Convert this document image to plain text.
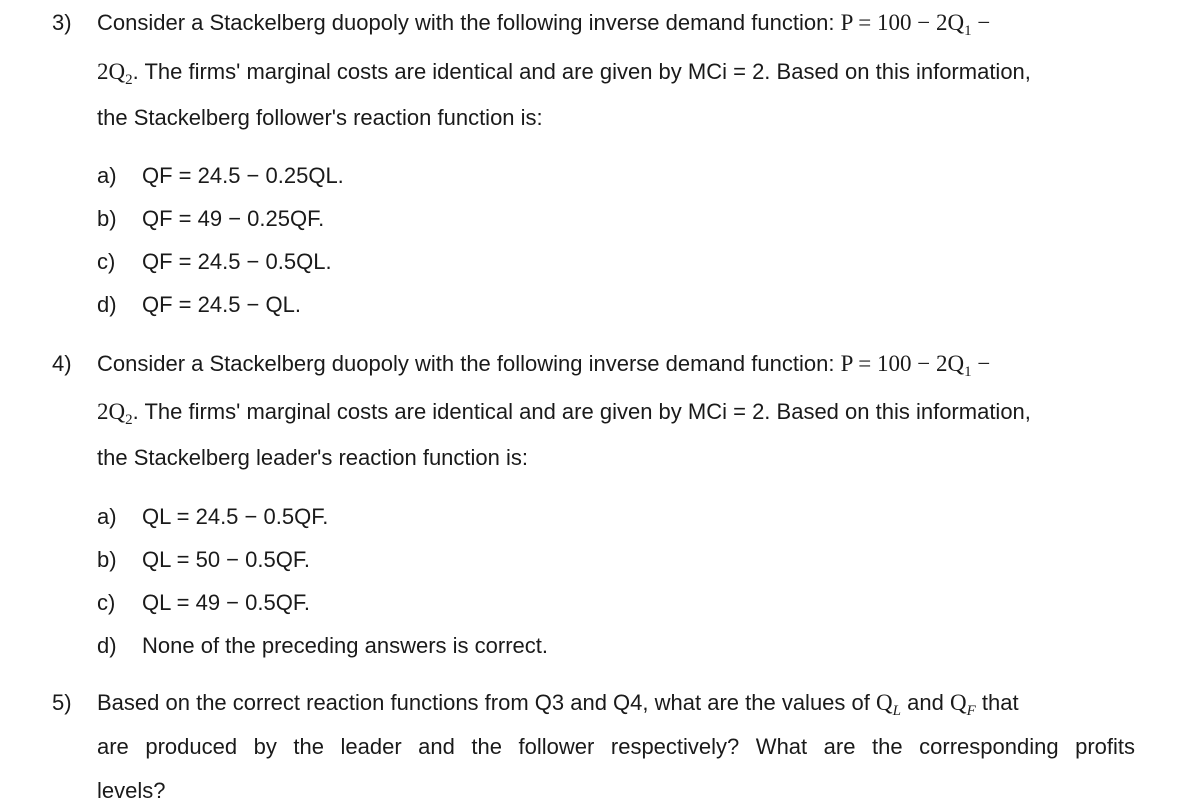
3) Consider a Stackelberg duopoly with the following inverse demand function: $P = 100 - 2Q_1$ −
$2Q_2$. The firms' marginal costs are identical and are given by MCi = 2. Based on this information,
the Stackelberg follower's reaction function is:
a) QF = 24.5 − 0.25QL.
b) QF = 49 − 0.25QF.
c) QF = 24.5 − 0.5QL.
d) QF = 24.5 − QL.
4) Consider a Stackelberg duopoly with the following inverse demand function: $P = 100 - 2Q_1$ −
$2Q_2$. The firms' marginal costs are identical and are given by MCi = 2. Based on this information,
the Stackelberg leader's reaction function is:
a) QL = 24.5 − 0.5QF.
b) QL = 50 − 0.5QF.
c) QL = 49 − 0.5QF.
d) None of the preceding answers is correct.
5) Based on the correct reaction functions from Q3 and Q4, what are the values of $Q_L$ and $Q_F$ that
are produced by the leader and the follower respectively? What are the corresponding profits
levels?
